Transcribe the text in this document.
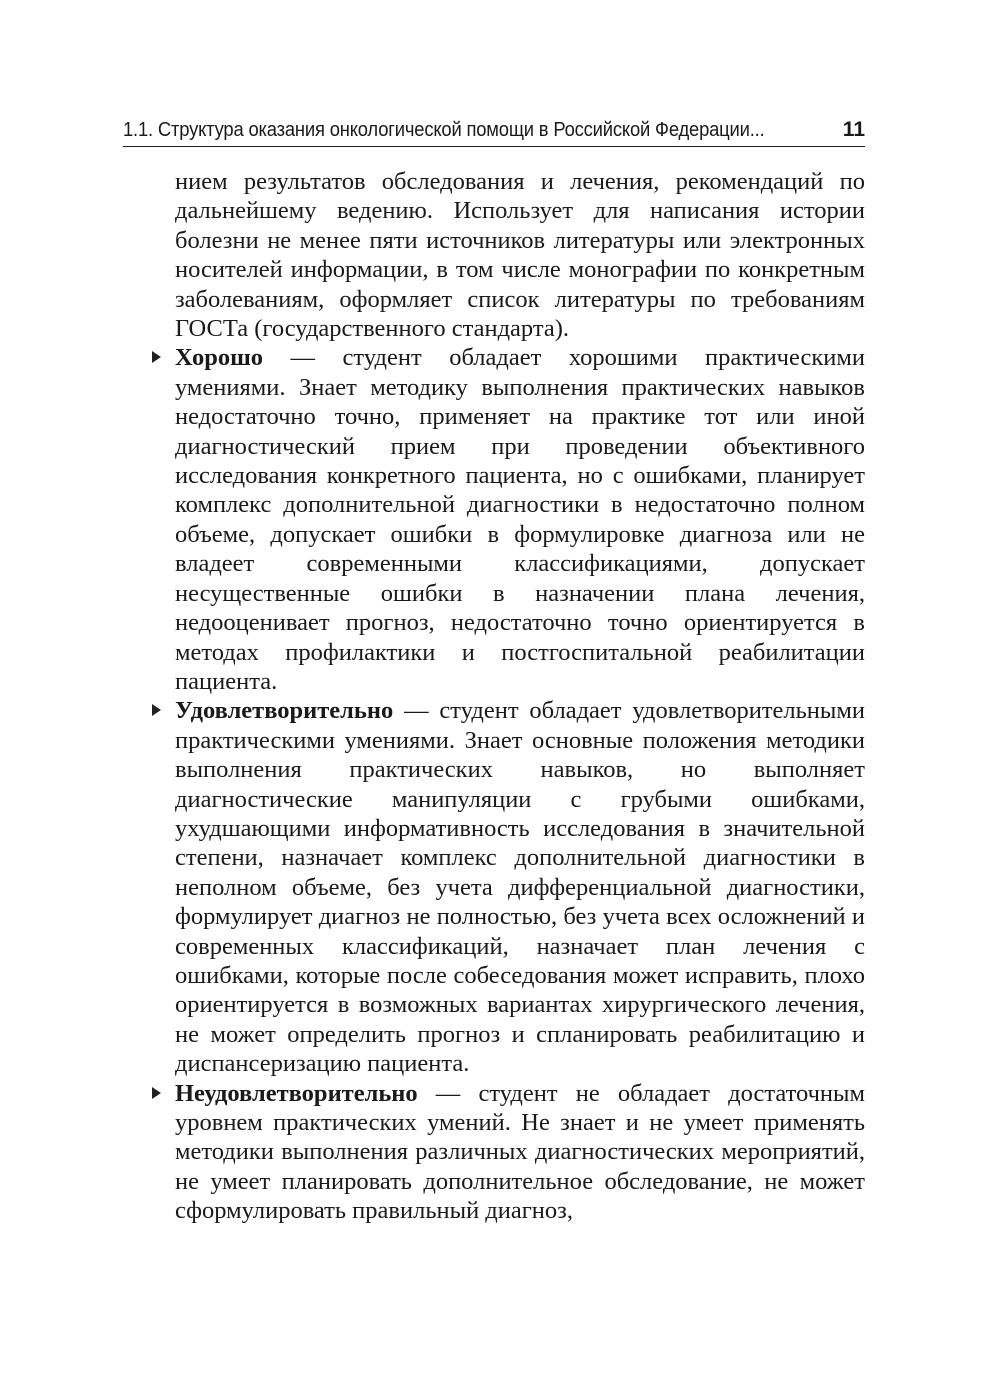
1.1. Структура оказания онкологической помощи в Российской Федерации...	11

нием результатов обследования и лечения, рекомендаций по дальнейшему ведению. Использует для написания истории болезни не менее пяти источников литературы или электронных носителей информации, в том числе монографии по конкретным заболеваниям, оформляет список литературы по требованиям ГОСТа (государственного стандарта).

Хорошо — студент обладает хорошими практическими умениями. Знает методику выполнения практических навыков недостаточно точно, применяет на практике тот или иной диагностический прием при проведении объективного исследования конкретного пациента, но с ошибками, планирует комплекс дополнительной диагностики в недостаточно полном объеме, допускает ошибки в формулировке диагноза или не владеет современными классификациями, допускает несущественные ошибки в назначении плана лечения, недооценивает прогноз, недостаточно точно ориентируется в методах профилактики и постгоспитальной реабилитации пациента.

Удовлетворительно — студент обладает удовлетворительными практическими умениями. Знает основные положения методики выполнения практических навыков, но выполняет диагностические манипуляции с грубыми ошибками, ухудшающими информативность исследования в значительной степени, назначает комплекс дополнительной диагностики в неполном объеме, без учета дифференциальной диагностики, формулирует диагноз не полностью, без учета всех осложнений и современных классификаций, назначает план лечения с ошибками, которые после собеседования может исправить, плохо ориентируется в возможных вариантах хирургического лечения, не может определить прогноз и спланировать реабилитацию и диспансеризацию пациента.

Неудовлетворительно — студент не обладает достаточным уровнем практических умений. Не знает и не умеет применять методики выполнения различных диагностических мероприятий, не умеет планировать дополнительное обследование, не может сформулировать правильный диагноз,
